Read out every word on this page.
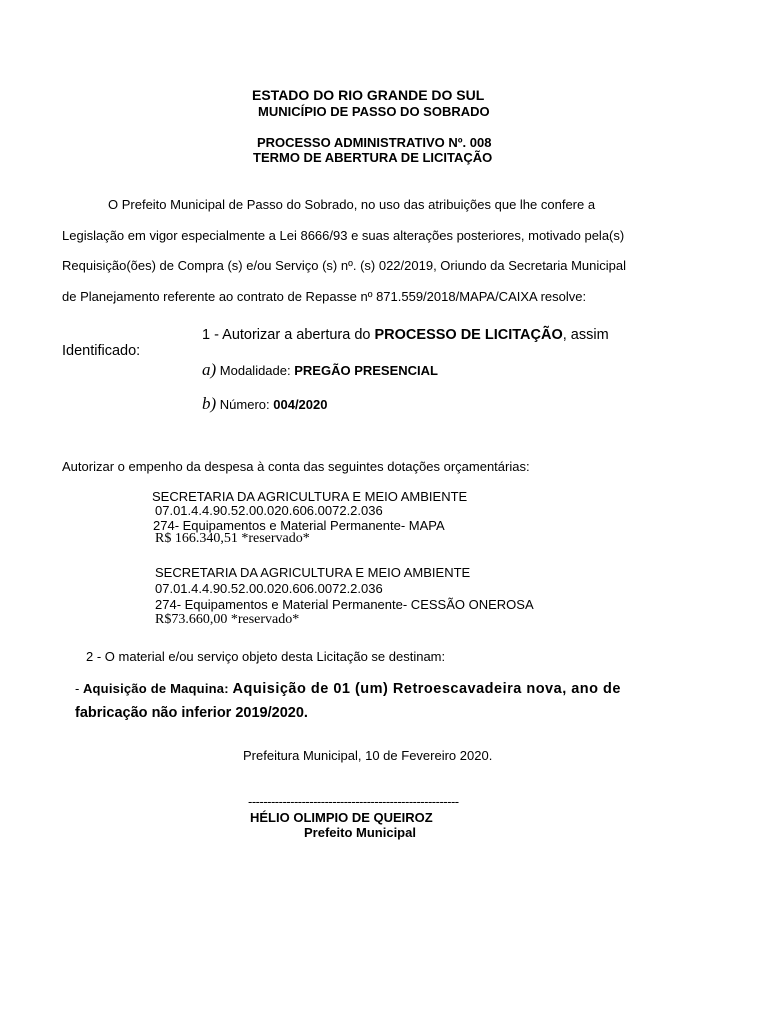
ESTADO DO RIO GRANDE DO SUL
MUNICÍPIO DE PASSO DO SOBRADO
PROCESSO ADMINISTRATIVO Nº. 008
TERMO DE ABERTURA DE LICITAÇÃO
O Prefeito Municipal de Passo do Sobrado, no uso das atribuições que lhe confere a
Legislação em vigor especialmente a Lei 8666/93 e suas alterações posteriores, motivado pela(s)
Requisição(ões) de Compra (s) e/ou Serviço (s) nº. (s) 022/2019, Oriundo da Secretaria Municipal
de Planejamento referente ao contrato de Repasse nº 871.559/2018/MAPA/CAIXA resolve:
1 - Autorizar a abertura do PROCESSO DE LICITAÇÃO, assim
Identificado:
a) Modalidade: PREGÃO PRESENCIAL
b) Número: 004/2020
Autorizar o empenho da despesa à conta das seguintes dotações orçamentárias:
SECRETARIA DA AGRICULTURA E MEIO AMBIENTE
07.01.4.4.90.52.00.020.606.0072.2.036
274- Equipamentos e Material Permanente- MAPA
R$ 166.340,51 *reservado*
SECRETARIA DA AGRICULTURA E MEIO AMBIENTE
07.01.4.4.90.52.00.020.606.0072.2.036
274- Equipamentos e Material Permanente- CESSÃO ONEROSA
R$73.660,00 *reservado*
2 - O material e/ou serviço objeto desta Licitação se destinam:
- Aquisição de Maquina: Aquisição de 01 (um) Retroescavadeira nova, ano de
fabricação não inferior 2019/2020.
Prefeitura Municipal, 10 de Fevereiro 2020.
-------------------------------------------------------
HÉLIO OLIMPIO DE QUEIROZ
Prefeito Municipal
